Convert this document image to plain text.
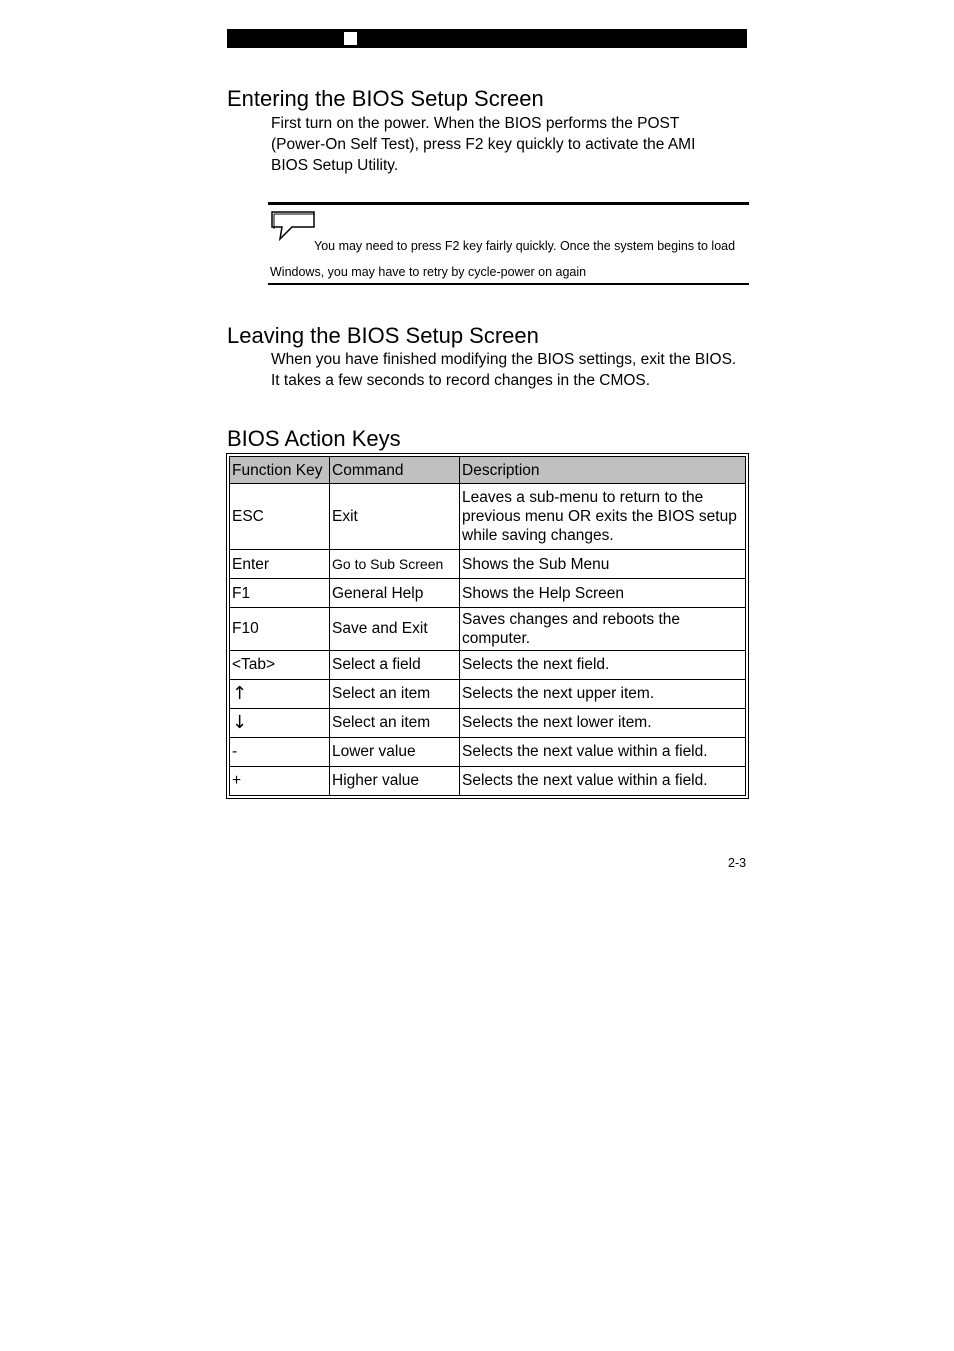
Entering the BIOS Setup Screen

First turn on the power. When the BIOS performs the POST
(Power-On Self Test), press F2 key quickly to activate the AMI
BIOS Setup Utility.

You may need to press F2 key fairly quickly. Once the system begins to load
Windows, you may have to retry by cycle-power on again
Leaving the BIOS Setup Screen

When you have finished modifying the BIOS settings, exit the BIOS.
It takes a few seconds to record changes in the CMOS.

BIOS Action Keys
Function Key	Command	Description
ESC	Exit	Leaves a sub-menu to return to the previous menu OR exits the BIOS setup while saving changes.
Enter	Go to Sub Screen	Shows the Sub Menu
F1	General Help	Shows the Help Screen
F10	Save and Exit	Saves changes and reboots the computer.
<Tab>	Select a field	Selects the next field.
↑	Select an item	Selects the next upper item.
↓	Select an item	Selects the next lower item.
-	Lower value	Selects the next value within a field.
+	Higher value	Selects the next value within a field.
2-3
